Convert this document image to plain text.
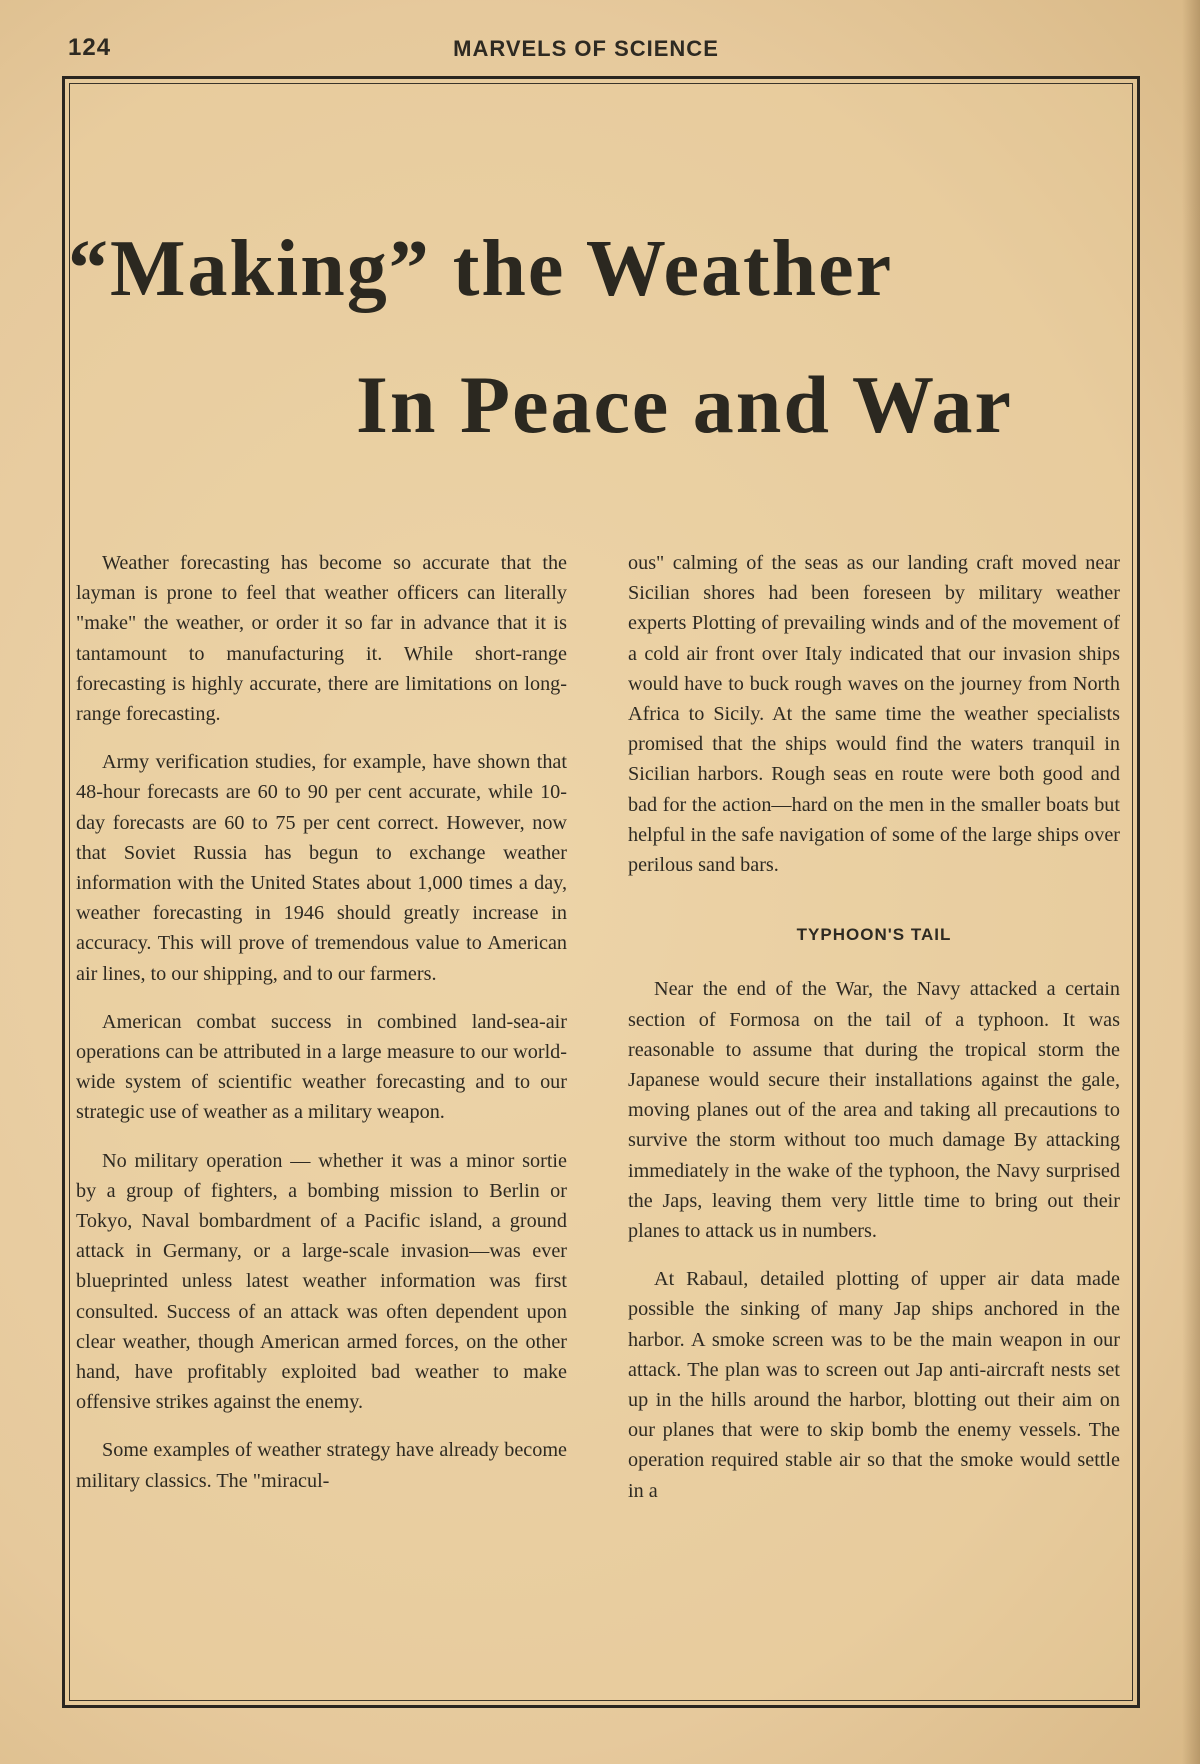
124	MARVELS OF SCIENCE
“Making” the Weather
In Peace and War

Weather forecasting has become so accurate that the layman is prone to feel that weather officers can literally "make" the weather, or order it so far in advance that it is tantamount to manufacturing it. While short-range forecasting is highly accurate, there are limitations on long-range forecasting.

Army verification studies, for example, have shown that 48-hour forecasts are 60 to 90 per cent accurate, while 10-day forecasts are 60 to 75 per cent correct. However, now that Soviet Russia has begun to exchange weather information with the United States about 1,000 times a day, weather forecasting in 1946 should greatly increase in accuracy. This will prove of tremendous value to American air lines, to our shipping, and to our farmers.

American combat success in combined land-sea-air operations can be attributed in a large measure to our world-wide system of scientific weather forecasting and to our strategic use of weather as a military weapon.

No military operation — whether it was a minor sortie by a group of fighters, a bombing mission to Berlin or Tokyo, Naval bombardment of a Pacific island, a ground attack in Germany, or a large-scale invasion—was ever blueprinted unless latest weather information was first consulted. Success of an attack was often dependent upon clear weather, though American armed forces, on the other hand, have profitably exploited bad weather to make offensive strikes against the enemy.

Some examples of weather strategy have already become military classics. The "miracul-

ous" calming of the seas as our landing craft moved near Sicilian shores had been foreseen by military weather experts Plotting of prevailing winds and of the movement of a cold air front over Italy indicated that our invasion ships would have to buck rough waves on the journey from North Africa to Sicily. At the same time the weather specialists promised that the ships would find the waters tranquil in Sicilian harbors. Rough seas en route were both good and bad for the action—hard on the men in the smaller boats but helpful in the safe navigation of some of the large ships over perilous sand bars.

TYPHOON'S TAIL

Near the end of the War, the Navy attacked a certain section of Formosa on the tail of a typhoon. It was reasonable to assume that during the tropical storm the Japanese would secure their installations against the gale, moving planes out of the area and taking all precautions to survive the storm without too much damage By attacking immediately in the wake of the typhoon, the Navy surprised the Japs, leaving them very little time to bring out their planes to attack us in numbers.

At Rabaul, detailed plotting of upper air data made possible the sinking of many Jap ships anchored in the harbor. A smoke screen was to be the main weapon in our attack. The plan was to screen out Jap anti-aircraft nests set up in the hills around the harbor, blotting out their aim on our planes that were to skip bomb the enemy vessels. The operation required stable air so that the smoke would settle in a
